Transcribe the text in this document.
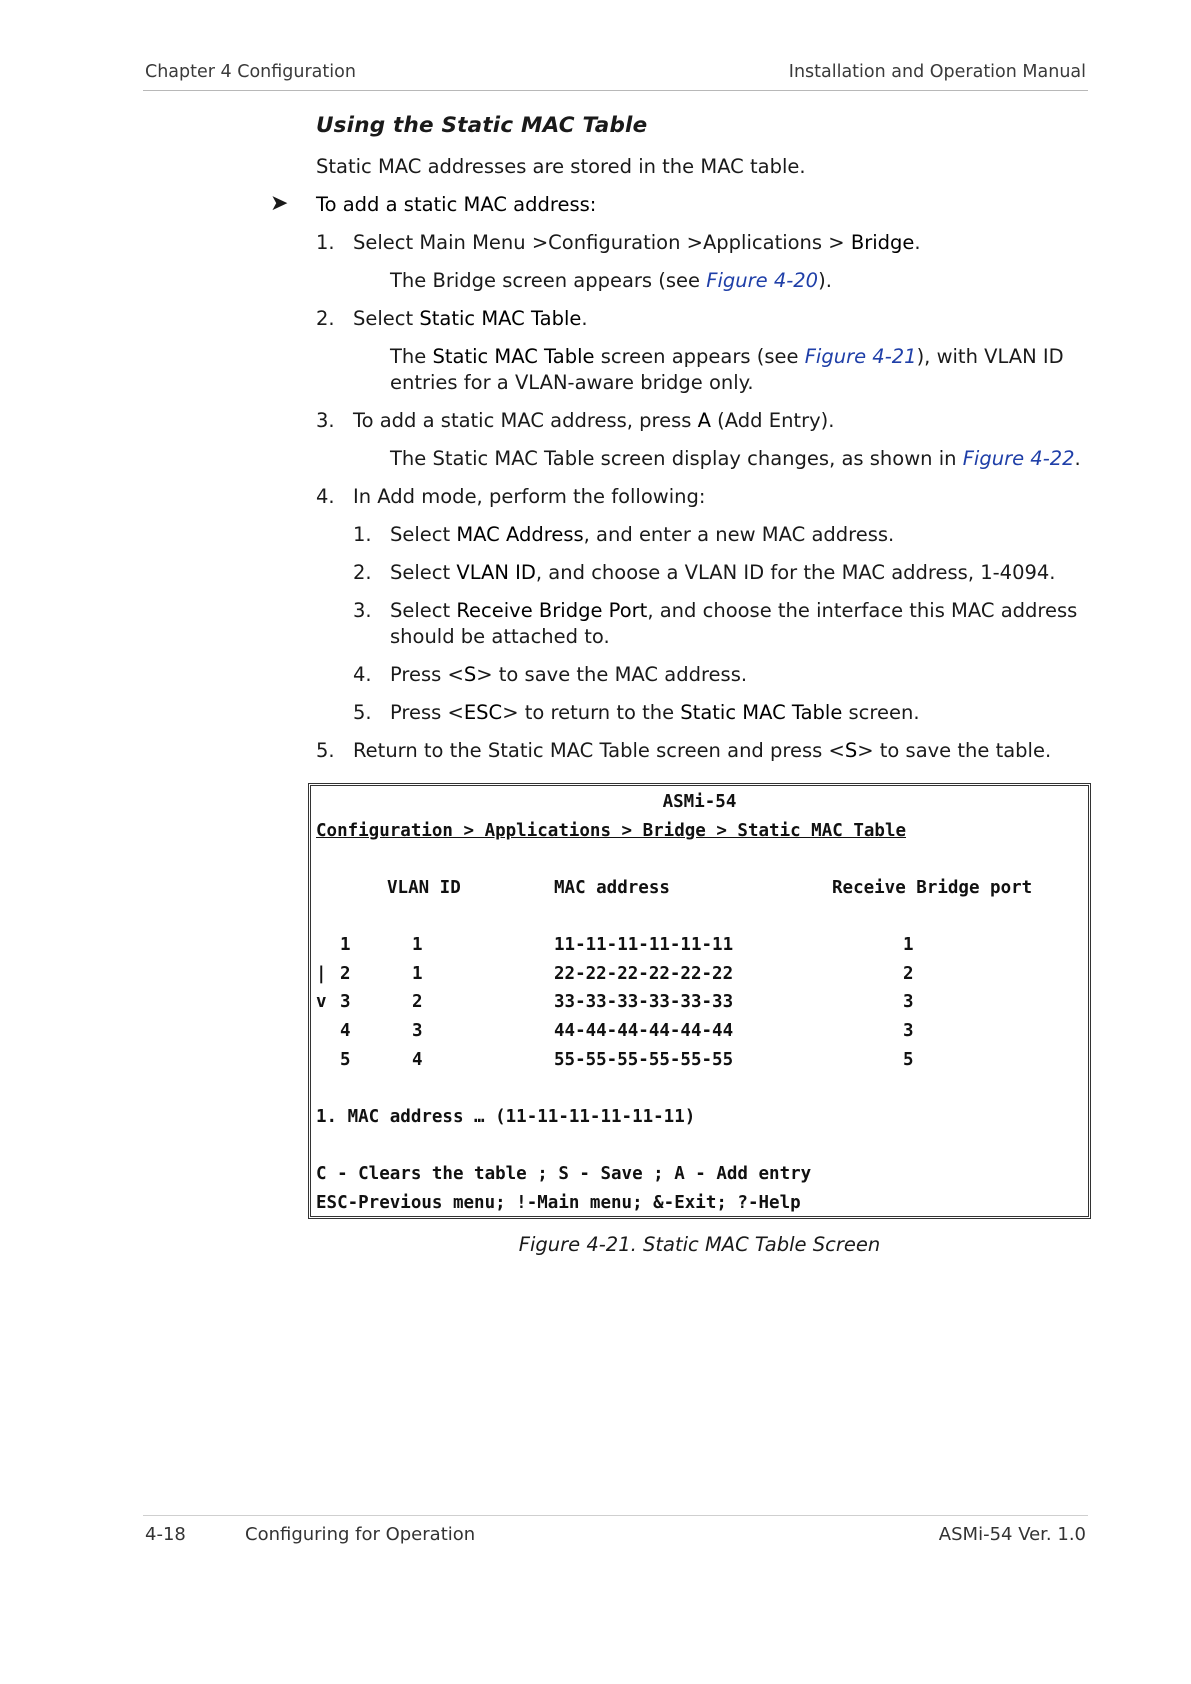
Chapter 4 Configuration	Installation and Operation Manual
Using the Static MAC Table

Static MAC addresses are stored in the MAC table.

➤ To add a static MAC address:

1. Select Main Menu >Configuration >Applications > Bridge.
The Bridge screen appears (see Figure 4-20).
2. Select Static MAC Table.
The Static MAC Table screen appears (see Figure 4-21), with VLAN ID entries for a VLAN-aware bridge only.
3. To add a static MAC address, press A (Add Entry).
The Static MAC Table screen display changes, as shown in Figure 4-22.
4. In Add mode, perform the following:
1. Select MAC Address, and enter a new MAC address.
2. Select VLAN ID, and choose a VLAN ID for the MAC address, 1-4094.
3. Select Receive Bridge Port, and choose the interface this MAC address should be attached to.
4. Press <S> to save the MAC address.
5. Press <ESC> to return to the Static MAC Table screen.
5. Return to the Static MAC Table screen and press <S> to save the table.
ASMi-54
Configuration > Applications > Bridge > Static MAC Table
VLAN ID	MAC address	Receive Bridge port
1	1	11-11-11-11-11-11	1
| 2	1	22-22-22-22-22-22	2
v 3	2	33-33-33-33-33-33	3
4	3	44-44-44-44-44-44	3
5	4	55-55-55-55-55-55	5
1. MAC address … (11-11-11-11-11-11)
C - Clears the table ; S - Save ; A - Add entry
ESC-Previous menu; !-Main menu; &-Exit; ?-Help
Figure 4-21. Static MAC Table Screen
4-18	Configuring for Operation	ASMi-54 Ver. 1.0
